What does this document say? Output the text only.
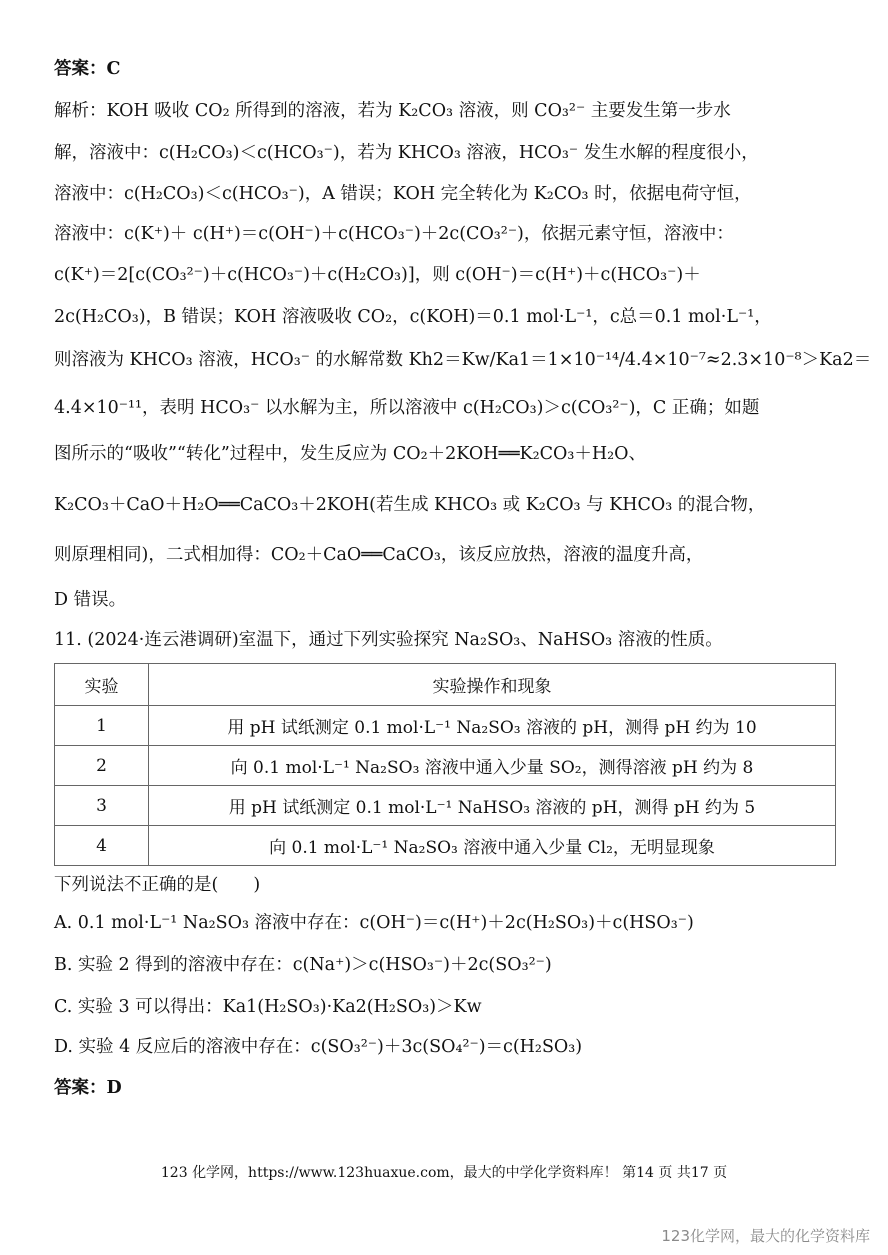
答案：C
解析：KOH 吸收 CO₂ 所得到的溶液，若为 K₂CO₃ 溶液，则 CO₃²⁻ 主要发生第一步水
解，溶液中：c(H₂CO₃)＜c(HCO₃⁻)，若为 KHCO₃ 溶液，HCO₃⁻ 发生水解的程度很小，
溶液中：c(H₂CO₃)＜c(HCO₃⁻)，A 错误；KOH 完全转化为 K₂CO₃ 时，依据电荷守恒，
溶液中：c(K⁺)＋ c(H⁺)＝c(OH⁻)＋c(HCO₃⁻)＋2c(CO₃²⁻)，依据元素守恒，溶液中：
c(K⁺)＝2[c(CO₃²⁻)＋c(HCO₃⁻)＋c(H₂CO₃)]，则 c(OH⁻)＝c(H⁺)＋c(HCO₃⁻)＋
2c(H₂CO₃)，B 错误；KOH 溶液吸收 CO₂，c(KOH)＝0.1 mol·L⁻¹，c总＝0.1 mol·L⁻¹，
则溶液为 KHCO₃ 溶液，HCO₃⁻ 的水解常数 Kh2＝Kw/Ka1＝1×10⁻¹⁴/4.4×10⁻⁷≈2.3×10⁻⁸＞Ka2＝
4.4×10⁻¹¹，表明 HCO₃⁻ 以水解为主，所以溶液中 c(H₂CO₃)＞c(CO₃²⁻)，C 正确；如题
图所示的“吸收”“转化”过程中，发生反应为 CO₂＋2KOH══K₂CO₃＋H₂O、
K₂CO₃＋CaO＋H₂O══CaCO₃＋2KOH(若生成 KHCO₃ 或 K₂CO₃ 与 KHCO₃ 的混合物，
则原理相同)，二式相加得：CO₂＋CaO══CaCO₃，该反应放热，溶液的温度升高，
D 错误。
11. (2024·连云港调研)室温下，通过下列实验探究 Na₂SO₃、NaHSO₃ 溶液的性质。
实验	实验操作和现象
1	用 pH 试纸测定 0.1 mol·L⁻¹ Na₂SO₃ 溶液的 pH，测得 pH 约为 10
2	向 0.1 mol·L⁻¹ Na₂SO₃ 溶液中通入少量 SO₂，测得溶液 pH 约为 8
3	用 pH 试纸测定 0.1 mol·L⁻¹ NaHSO₃ 溶液的 pH，测得 pH 约为 5
4	向 0.1 mol·L⁻¹ Na₂SO₃ 溶液中通入少量 Cl₂，无明显现象
下列说法不正确的是(　　)
A. 0.1 mol·L⁻¹ Na₂SO₃ 溶液中存在：c(OH⁻)＝c(H⁺)＋2c(H₂SO₃)＋c(HSO₃⁻)
B. 实验 2 得到的溶液中存在：c(Na⁺)＞c(HSO₃⁻)＋2c(SO₃²⁻)
C. 实验 3 可以得出：Ka1(H₂SO₃)·Ka2(H₂SO₃)＞Kw
D. 实验 4 反应后的溶液中存在：c(SO₃²⁻)＋3c(SO₄²⁻)＝c(H₂SO₃)
答案：D
123 化学网，https://www.123huaxue.com，最大的中学化学资料库！ 第14 页 共17 页
123化学网，最大的化学资料库
